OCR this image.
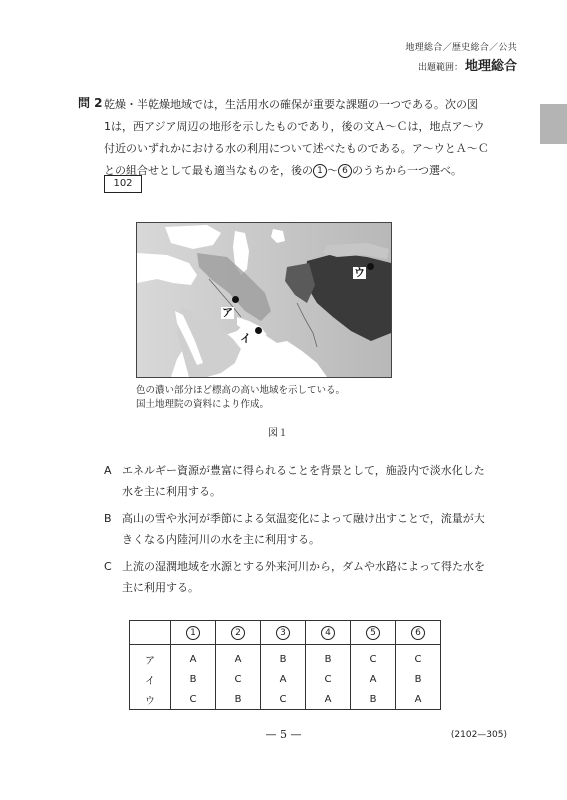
地理総合／歴史総合／公共
出題範囲： 地理総合
問 2 乾燥・半乾燥地域では，生活用水の確保が重要な課題の一つである。次の図
1は，西アジア周辺の地形を示したものであり，後の文Ａ～Ｃは，地点ア～ウ
付近のいずれかにおける水の利用について述べたものである。ア～ウとＡ～Ｃ
との組合せとして最も適当なものを，後の 1 ～ 6 のうちから一つ選べ。
102
ア
イ
ウ
色の濃い部分ほど標高の高い地域を示している。
国土地理院の資料により作成。
図１
A エネルギー資源が豊富に得られることを背景として，施設内で淡水化した
水を主に利用する。
B 高山の雪や氷河が季節による気温変化によって融け出すことで，流量が大
きくなる内陸河川の水を主に利用する。
C 上流の湿潤地域を水源とする外来河川から，ダムや水路によって得た水を
主に利用する。
	1	2	3	4	5	6

ア	A	A	B	B	C	C
イ	B	C	A	C	A	B
ウ	C	B	C	A	B	A
— 5 —	(2102—305)
